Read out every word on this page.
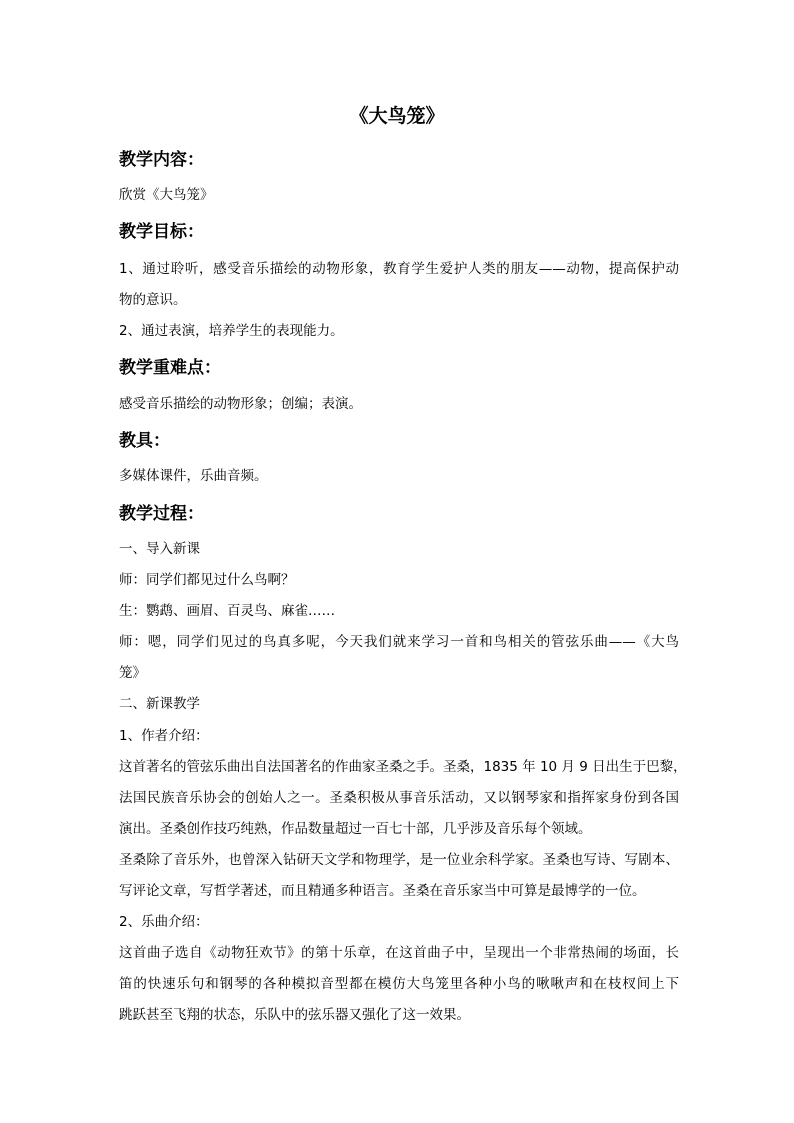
《大鸟笼》
教学内容：
欣赏《大鸟笼》
教学目标：
1、通过聆听，感受音乐描绘的动物形象，教育学生爱护人类的朋友——动物，提高保护动
物的意识。
2、通过表演，培养学生的表现能力。
教学重难点：
感受音乐描绘的动物形象；创编；表演。
教具：
多媒体课件，乐曲音频。
教学过程：
一、导入新课
师：同学们都见过什么鸟啊？
生：鹦鹉、画眉、百灵鸟、麻雀……
师：嗯，同学们见过的鸟真多呢，今天我们就来学习一首和鸟相关的管弦乐曲——《大鸟
笼》
二、新课教学
1、作者介绍：
这首著名的管弦乐曲出自法国著名的作曲家圣桑之手。圣桑，1835 年 10 月 9 日出生于巴黎，
法国民族音乐协会的创始人之一。圣桑积极从事音乐活动，又以钢琴家和指挥家身份到各国
演出。圣桑创作技巧纯熟，作品数量超过一百七十部，几乎涉及音乐每个领域。
圣桑除了音乐外，也曾深入钻研天文学和物理学，是一位业余科学家。圣桑也写诗、写剧本、
写评论文章，写哲学著述，而且精通多种语言。圣桑在音乐家当中可算是最博学的一位。
2、乐曲介绍：
这首曲子选自《动物狂欢节》的第十乐章，在这首曲子中，呈现出一个非常热闹的场面，长
笛的快速乐句和钢琴的各种模拟音型都在模仿大鸟笼里各种小鸟的啾啾声和在枝杈间上下
跳跃甚至飞翔的状态，乐队中的弦乐器又强化了这一效果。
